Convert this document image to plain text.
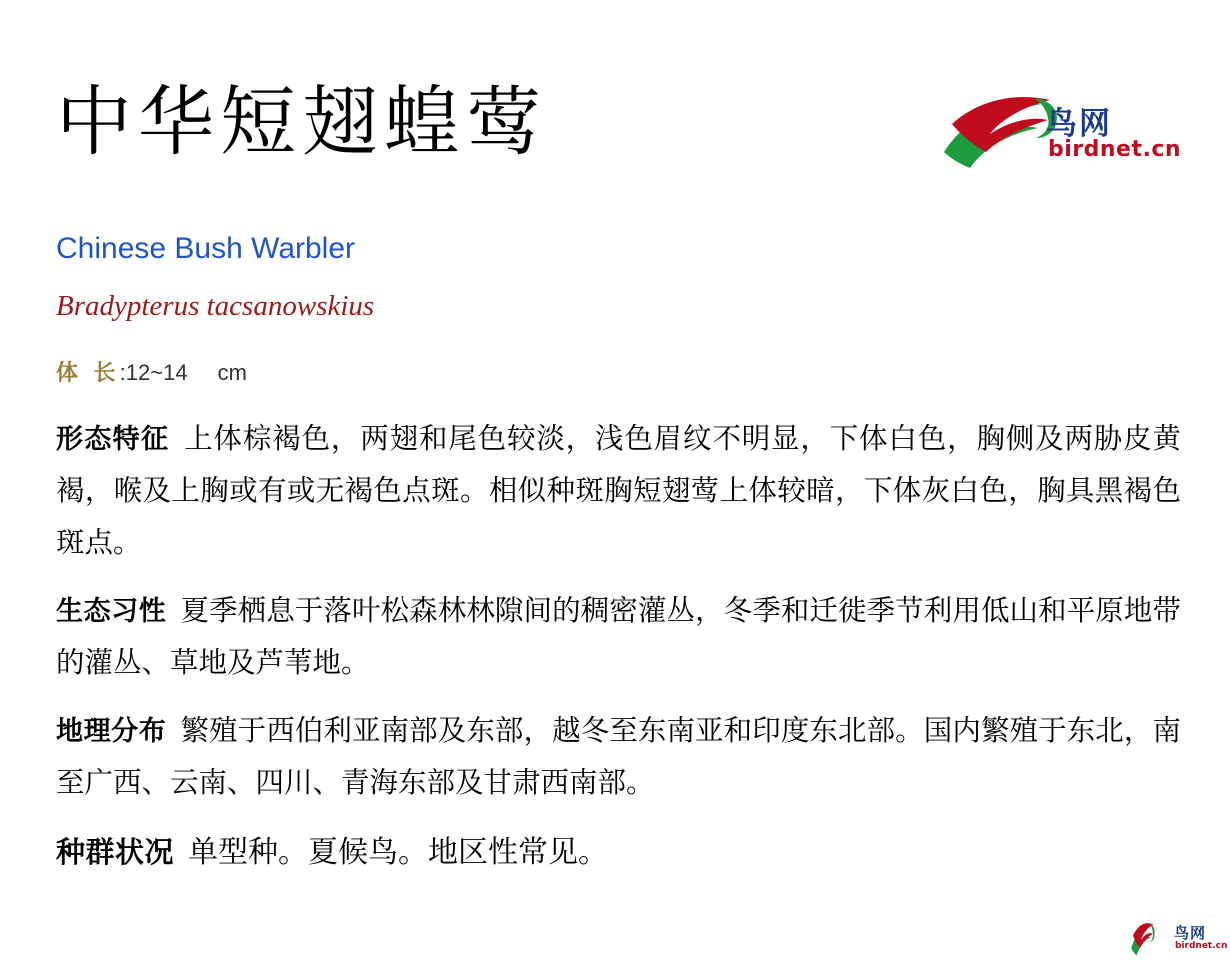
中华短翅蝗莺	鸟网
birdnet.cn
Chinese Bush Warbler
Bradypterus tacsanowskius
体 长:12~14 cm

形态特征 上体棕褐色，两翅和尾色较淡，浅色眉纹不明显，下体白色，胸侧及两胁皮黄褐，喉及上胸或有或无褐色点斑。相似种斑胸短翅莺上体较暗，下体灰白色，胸具黑褐色斑点。

生态习性 夏季栖息于落叶松森林林隙间的稠密灌丛，冬季和迁徙季节利用低山和平原地带的灌丛、草地及芦苇地。

地理分布 繁殖于西伯利亚南部及东部，越冬至东南亚和印度东北部。国内繁殖于东北，南至广西、云南、四川、青海东部及甘肃西南部。

种群状况 单型种。夏候鸟。地区性常见。

鸟网
birdnet.cn
